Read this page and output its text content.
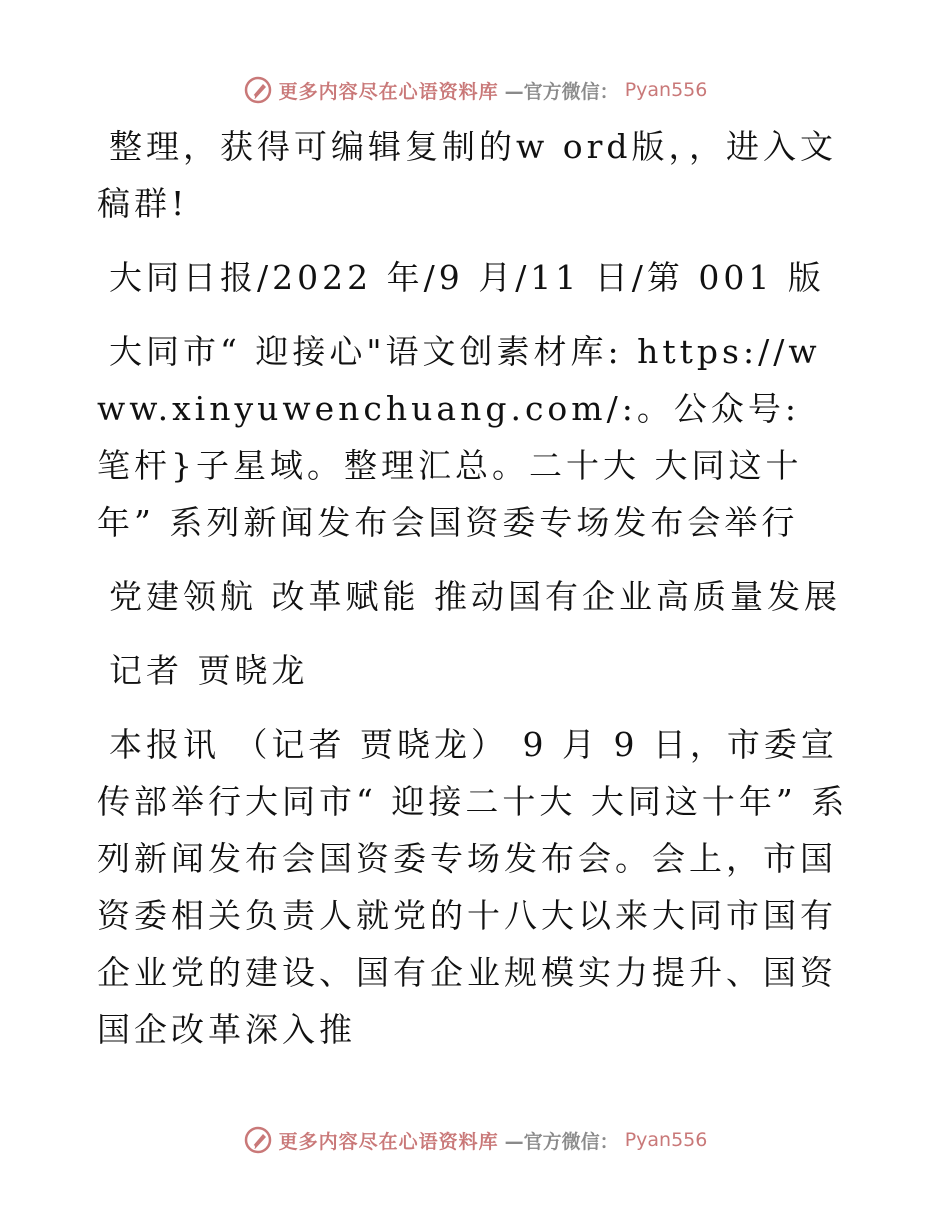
更多内容尽在心语资料库 —官方微信： Pyan556

整理，获得可编辑复制的w ord版，，进入文稿群!

大同日报/2022 年/9 月/11 日/第 001 版

大同市“ 迎接心"语文创素材库: https://www.xinyuwenchuang.com/:。公众号: 笔杆}子星域。整理汇总。二十大 大同这十年” 系列新闻发布会国资委专场发布会举行

党建领航 改革赋能 推动国有企业高质量发展

记者 贾晓龙

本报讯 （记者 贾晓龙） 9 月 9 日，市委宣传部举行大同市“ 迎接二十大 大同这十年” 系列新闻发布会国资委专场发布会。会上，市国资委相关负责人就党的十八大以来大同市国有企业党的建设、国有企业规模实力提升、国资国企改革深入推

更多内容尽在心语资料库 —官方微信： Pyan556
